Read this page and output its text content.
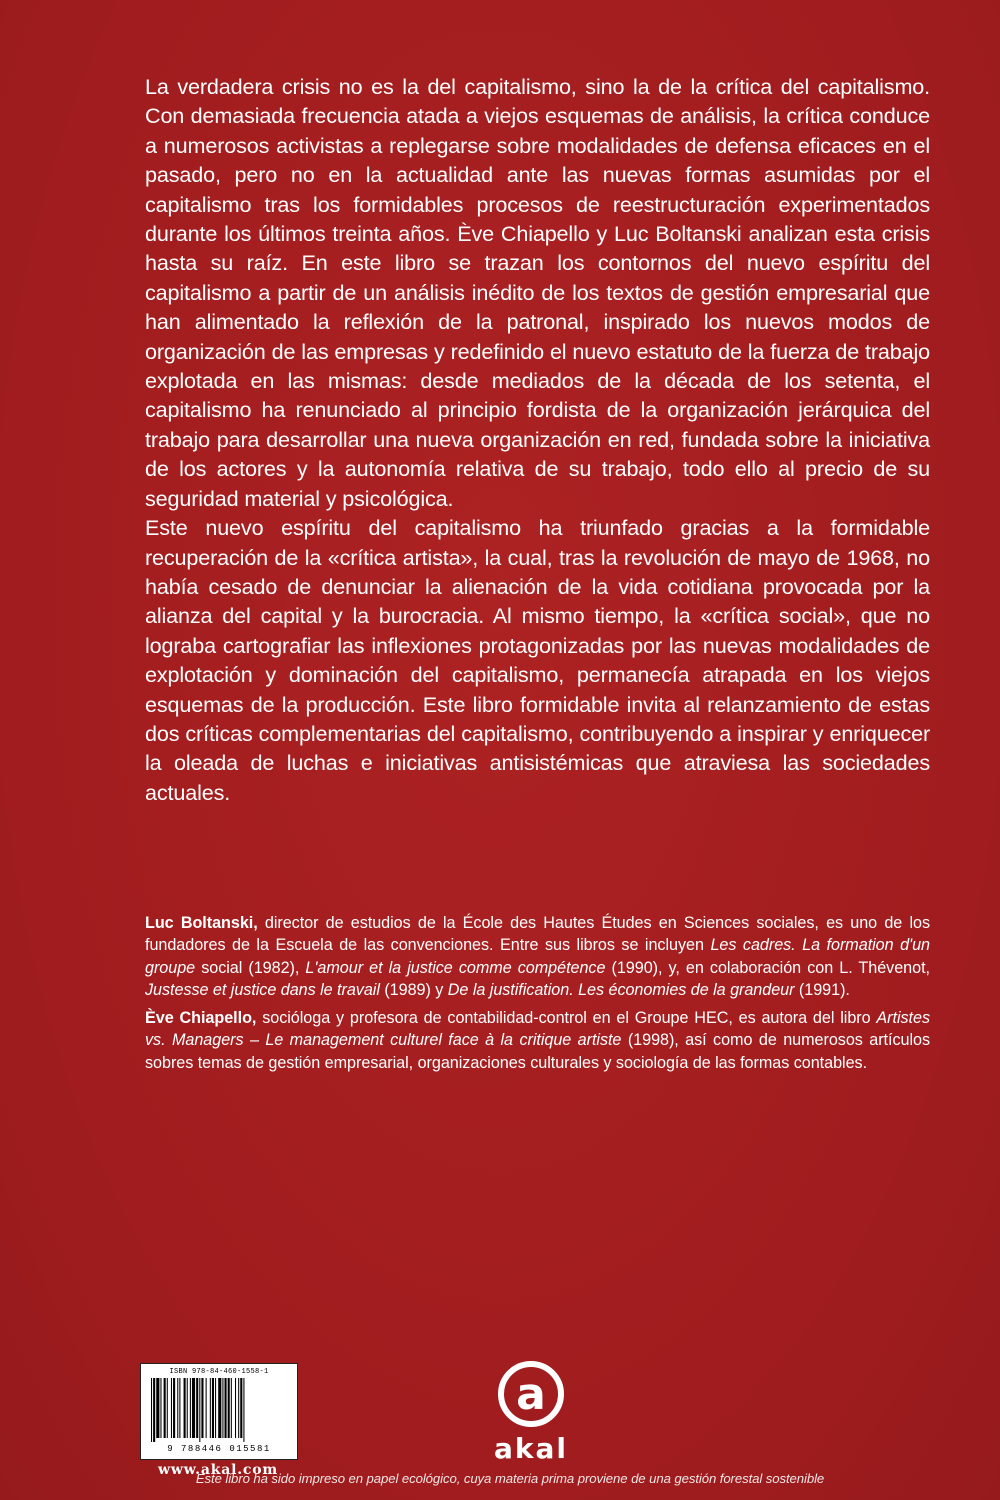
La verdadera crisis no es la del capitalismo, sino la de la crítica del capitalismo. Con demasiada frecuencia atada a viejos esquemas de análisis, la crítica conduce a numerosos activistas a replegarse sobre modalidades de defensa eficaces en el pasado, pero no en la actualidad ante las nuevas formas asumidas por el capitalismo tras los formidables procesos de reestructuración experimentados durante los últimos treinta años. Ève Chiapello y Luc Boltanski analizan esta crisis hasta su raíz. En este libro se trazan los contornos del nuevo espíritu del capitalismo a partir de un análisis inédito de los textos de gestión empresarial que han alimentado la reflexión de la patronal, inspirado los nuevos modos de organización de las empresas y redefinido el nuevo estatuto de la fuerza de trabajo explotada en las mismas: desde mediados de la década de los setenta, el capitalismo ha renunciado al principio fordista de la organización jerárquica del trabajo para desarrollar una nueva organización en red, fundada sobre la iniciativa de los actores y la autonomía relativa de su trabajo, todo ello al precio de su seguridad material y psicológica.

Este nuevo espíritu del capitalismo ha triunfado gracias a la formidable recuperación de la «crítica artista», la cual, tras la revolución de mayo de 1968, no había cesado de denunciar la alienación de la vida cotidiana provocada por la alianza del capital y la burocracia. Al mismo tiempo, la «crítica social», que no lograba cartografiar las inflexiones protagonizadas por las nuevas modalidades de explotación y dominación del capitalismo, permanecía atrapada en los viejos esquemas de la producción. Este libro formidable invita al relanzamiento de estas dos críticas complementarias del capitalismo, contribuyendo a inspirar y enriquecer la oleada de luchas e iniciativas antisistémicas que atraviesa las sociedades actuales.

Luc Boltanski, director de estudios de la École des Hautes Études en Sciences sociales, es uno de los fundadores de la Escuela de las convenciones. Entre sus libros se incluyen Les cadres. La formation d'un groupe social (1982), L'amour et la justice comme compétence (1990), y, en colaboración con L. Thévenot, Justesse et justice dans le travail (1989) y De la justification. Les économies de la grandeur (1991).

Ève Chiapello, socióloga y profesora de contabilidad-control en el Groupe HEC, es autora del libro Artistes vs. Managers – Le management culturel face à la critique artiste (1998), así como de numerosos artículos sobres temas de gestión empresarial, organizaciones culturales y sociología de las formas contables.

ISBN 978-84-460-1558-1
9 788446 015581
www.akal.com
a
akal
Este libro ha sido impreso en papel ecológico, cuya materia prima proviene de una gestión forestal sostenible
